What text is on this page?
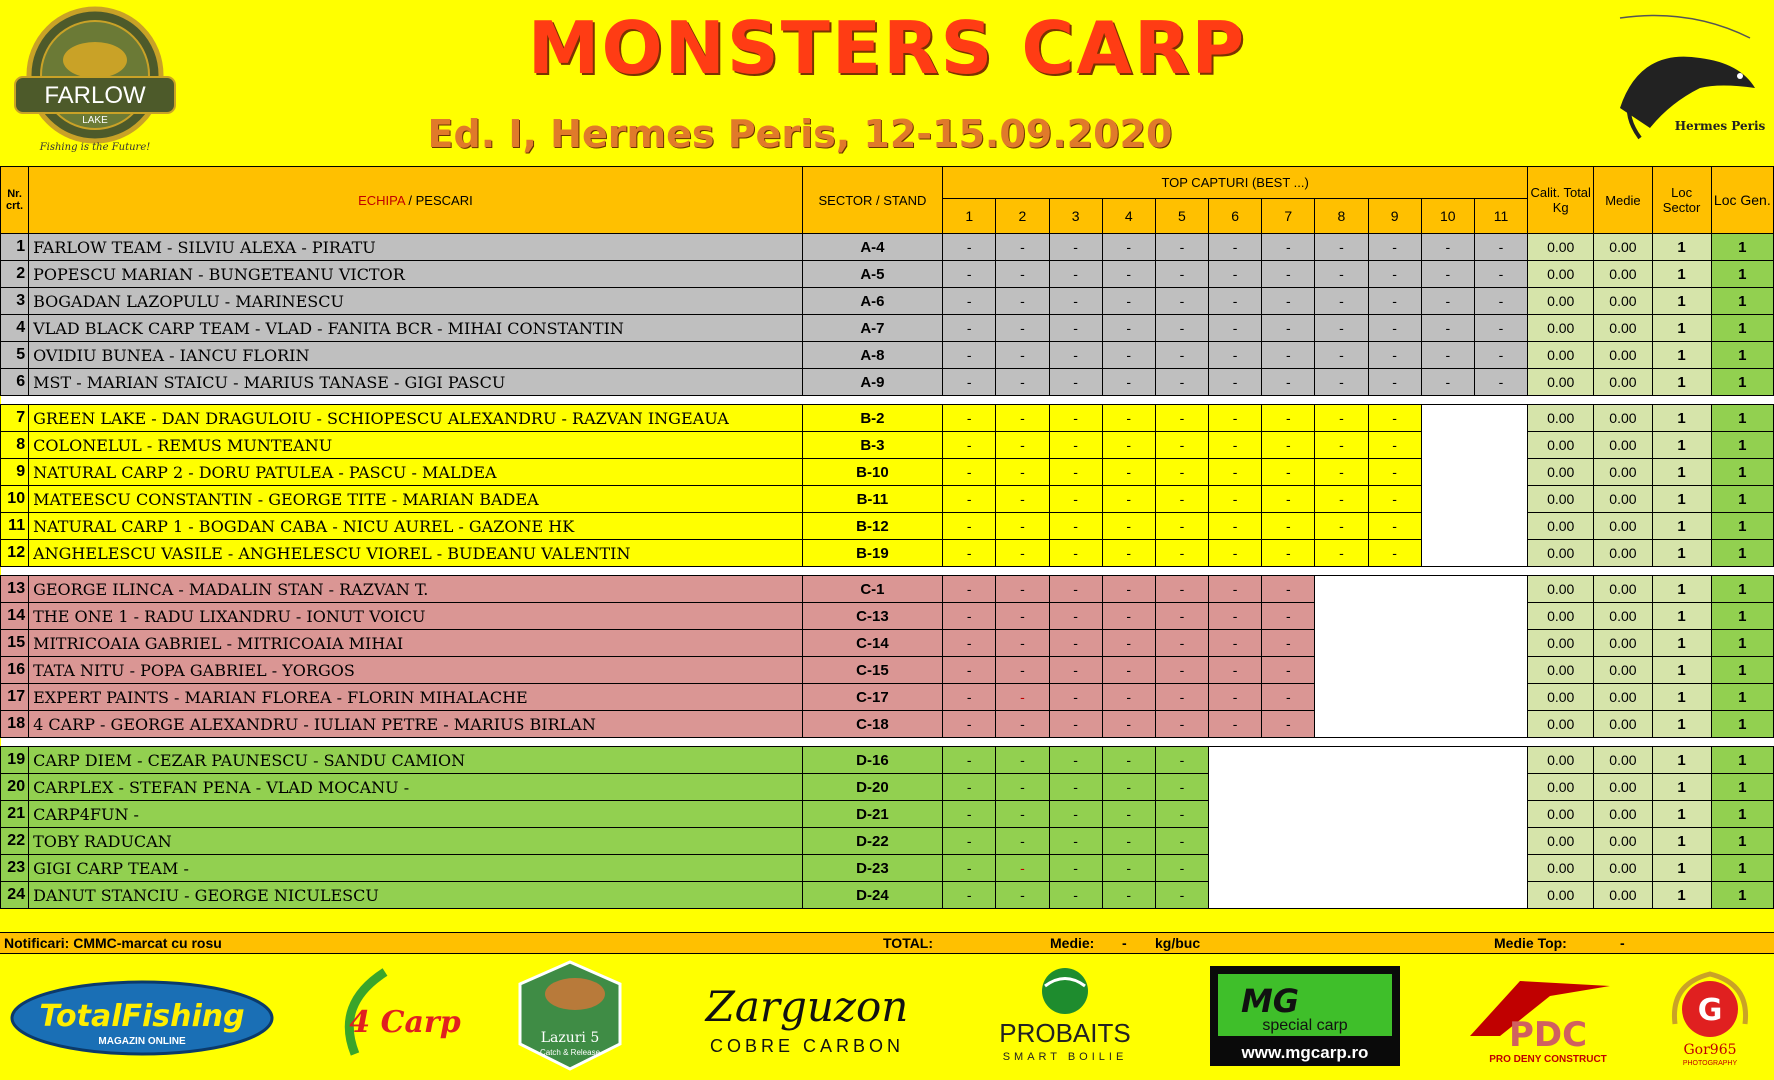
FARLOW
LAKE
Fishing is the Future!
MONSTERS CARP
Ed. I, Hermes Peris, 12-15.09.2020	Hermes Peris
Nr. crt.	ECHIPA / PESCARI	SECTOR / STAND	TOP CAPTURI (BEST ...)											Calit. Total Kg	Medie	Loc Sector	Loc Gen.
			1	2	3	4	5	6	7	8	9	10	11				
1	FARLOW TEAM - SILVIU ALEXA - PIRATU	A-4	-	-	-	-	-	-	-	-	-	-	-	0.00	0.00	1	1
2	POPESCU MARIAN - BUNGETEANU VICTOR	A-5	-	-	-	-	-	-	-	-	-	-	-	0.00	0.00	1	1
3	BOGADAN LAZOPULU - MARINESCU	A-6	-	-	-	-	-	-	-	-	-	-	-	0.00	0.00	1	1
4	VLAD BLACK CARP TEAM - VLAD - FANITA BCR - MIHAI CONSTANTIN	A-7	-	-	-	-	-	-	-	-	-	-	-	0.00	0.00	1	1
5	OVIDIU BUNEA - IANCU FLORIN	A-8	-	-	-	-	-	-	-	-	-	-	-	0.00	0.00	1	1
6	MST - MARIAN STAICU - MARIUS TANASE - GIGI PASCU	A-9	-	-	-	-	-	-	-	-	-	-	-	0.00	0.00	1	1

7	GREEN LAKE - DAN DRAGULOIU - SCHIOPESCU ALEXANDRU - RAZVAN INGEAUA	B-2	-	-	-	-	-	-	-	-	-			0.00	0.00	1	1
8	COLONELUL - REMUS MUNTEANU	B-3	-	-	-	-	-	-	-	-	-			0.00	0.00	1	1
9	NATURAL CARP 2 - DORU PATULEA - PASCU - MALDEA	B-10	-	-	-	-	-	-	-	-	-			0.00	0.00	1	1
10	MATEESCU CONSTANTIN - GEORGE TITE - MARIAN BADEA	B-11	-	-	-	-	-	-	-	-	-			0.00	0.00	1	1
11	NATURAL CARP 1 - BOGDAN CABA - NICU AUREL - GAZONE HK	B-12	-	-	-	-	-	-	-	-	-			0.00	0.00	1	1
12	ANGHELESCU VASILE - ANGHELESCU VIOREL - BUDEANU VALENTIN	B-19	-	-	-	-	-	-	-	-	-			0.00	0.00	1	1

13	GEORGE ILINCA - MADALIN STAN - RAZVAN T.	C-1	-	-	-	-	-	-	-					0.00	0.00	1	1
14	THE ONE 1 - RADU LIXANDRU - IONUT VOICU	C-13	-	-	-	-	-	-	-					0.00	0.00	1	1
15	MITRICOAIA GABRIEL - MITRICOAIA MIHAI	C-14	-	-	-	-	-	-	-					0.00	0.00	1	1
16	TATA NITU - POPA GABRIEL - YORGOS	C-15	-	-	-	-	-	-	-					0.00	0.00	1	1
17	EXPERT PAINTS - MARIAN FLOREA - FLORIN MIHALACHE	C-17	-	-	-	-	-	-	-					0.00	0.00	1	1
18	4 CARP - GEORGE ALEXANDRU - IULIAN PETRE - MARIUS BIRLAN	C-18	-	-	-	-	-	-	-					0.00	0.00	1	1

19	CARP DIEM - CEZAR PAUNESCU - SANDU CAMION	D-16	-	-	-	-	-							0.00	0.00	1	1
20	CARPLEX - STEFAN PENA - VLAD MOCANU -	D-20	-	-	-	-	-							0.00	0.00	1	1
21	CARP4FUN -	D-21	-	-	-	-	-							0.00	0.00	1	1
22	TOBY RADUCAN	D-22	-	-	-	-	-							0.00	0.00	1	1
23	GIGI CARP TEAM -	D-23	-	-	-	-	-							0.00	0.00	1	1
24	DANUT STANCIU - GEORGE NICULESCU	D-24	-	-	-	-	-							0.00	0.00	1	1
Notificari: CMMC-marcat cu rosu	TOTAL:	Medie: - kg/buc	Medie Top:	-
TotalFishing
MAGAZIN ONLINE
4 Carp	Lazuri 5
Catch & Release
Zarguzon
COBRE CARBON	PROBAITS
SMART BOILIE
MG
special carp
www.mgcarp.ro	PDC
PRO DENY CONSTRUCT
G
Gor965
PHOTOGRAPHY
